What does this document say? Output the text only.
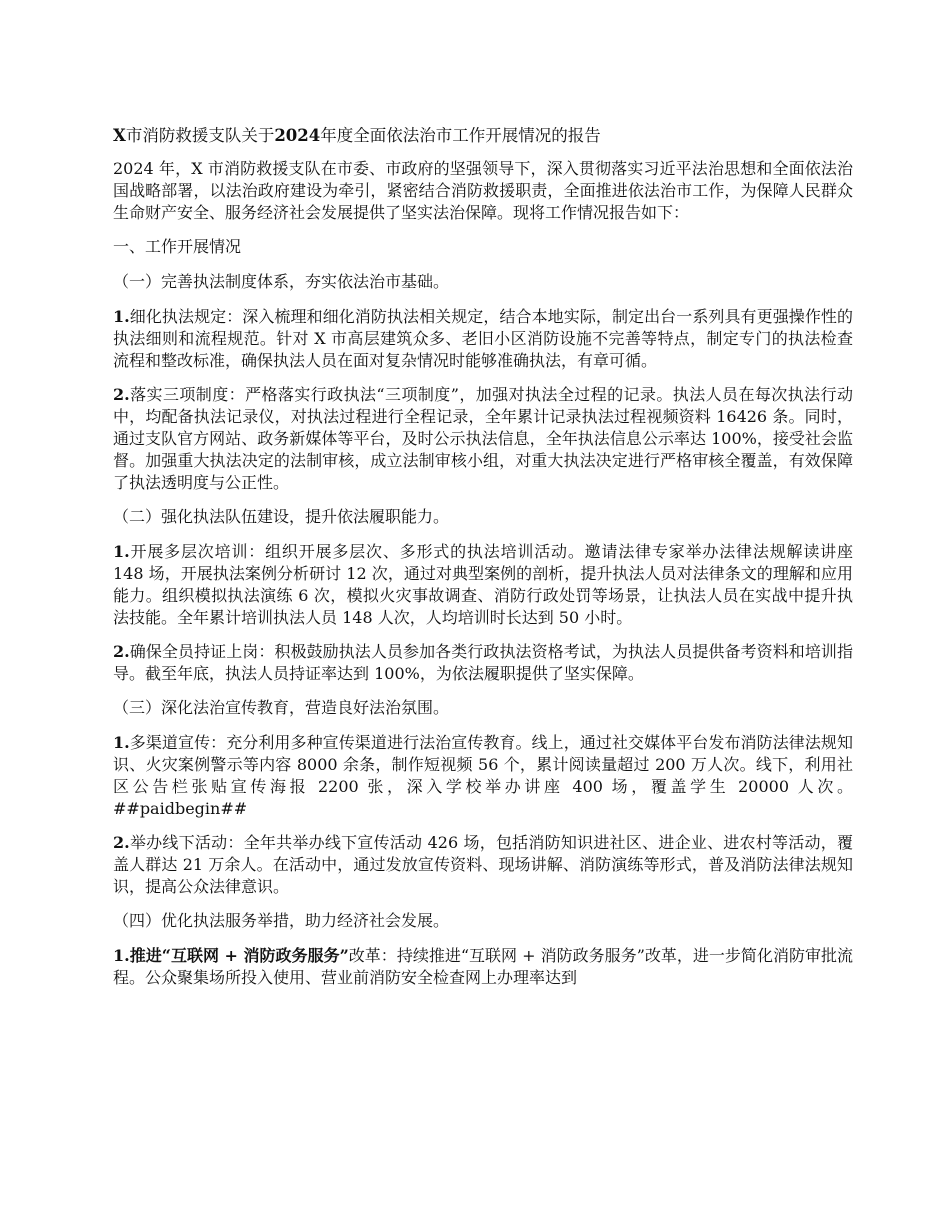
X市消防救援支队关于2024年度全面依法治市工作开展情况的报告

2024 年，X 市消防救援支队在市委、市政府的坚强领导下，深入贯彻落实习近平法治思想和全面依法治国战略部署，以法治政府建设为牵引，紧密结合消防救援职责，全面推进依法治市工作，为保障人民群众生命财产安全、服务经济社会发展提供了坚实法治保障。现将工作情况报告如下：

一、工作开展情况

（一）完善执法制度体系，夯实依法治市基础。

1.细化执法规定：深入梳理和细化消防执法相关规定，结合本地实际，制定出台一系列具有更强操作性的执法细则和流程规范。针对 X 市高层建筑众多、老旧小区消防设施不完善等特点，制定专门的执法检查流程和整改标准，确保执法人员在面对复杂情况时能够准确执法，有章可循。

2.落实三项制度：严格落实行政执法“三项制度”，加强对执法全过程的记录。执法人员在每次执法行动中，均配备执法记录仪，对执法过程进行全程记录，全年累计记录执法过程视频资料 16426 条。同时，通过支队官方网站、政务新媒体等平台，及时公示执法信息，全年执法信息公示率达 100%，接受社会监督。加强重大执法决定的法制审核，成立法制审核小组，对重大执法决定进行严格审核全覆盖，有效保障了执法透明度与公正性。

（二）强化执法队伍建设，提升依法履职能力。

1.开展多层次培训：组织开展多层次、多形式的执法培训活动。邀请法律专家举办法律法规解读讲座 148 场，开展执法案例分析研讨 12 次，通过对典型案例的剖析，提升执法人员对法律条文的理解和应用能力。组织模拟执法演练 6 次，模拟火灾事故调查、消防行政处罚等场景，让执法人员在实战中提升执法技能。全年累计培训执法人员 148 人次，人均培训时长达到 50 小时。

2.确保全员持证上岗：积极鼓励执法人员参加各类行政执法资格考试，为执法人员提供备考资料和培训指导。截至年底，执法人员持证率达到 100%，为依法履职提供了坚实保障。

（三）深化法治宣传教育，营造良好法治氛围。

1.多渠道宣传：充分利用多种宣传渠道进行法治宣传教育。线上，通过社交媒体平台发布消防法律法规知识、火灾案例警示等内容 8000 余条，制作短视频 56 个，累计阅读量超过 200 万人次。线下，利用社区公告栏张贴宣传海报 2200 张，深入学校举办讲座 400 场，覆盖学生 20000 人次。##paidbegin##

2.举办线下活动：全年共举办线下宣传活动 426 场，包括消防知识进社区、进企业、进农村等活动，覆盖人群达 21 万余人。在活动中，通过发放宣传资料、现场讲解、消防演练等形式，普及消防法律法规知识，提高公众法律意识。

（四）优化执法服务举措，助力经济社会发展。

1.推进“互联网 + 消防政务服务”改革：持续推进“互联网 + 消防政务服务”改革，进一步简化消防审批流程。公众聚集场所投入使用、营业前消防安全检查网上办理率达到
